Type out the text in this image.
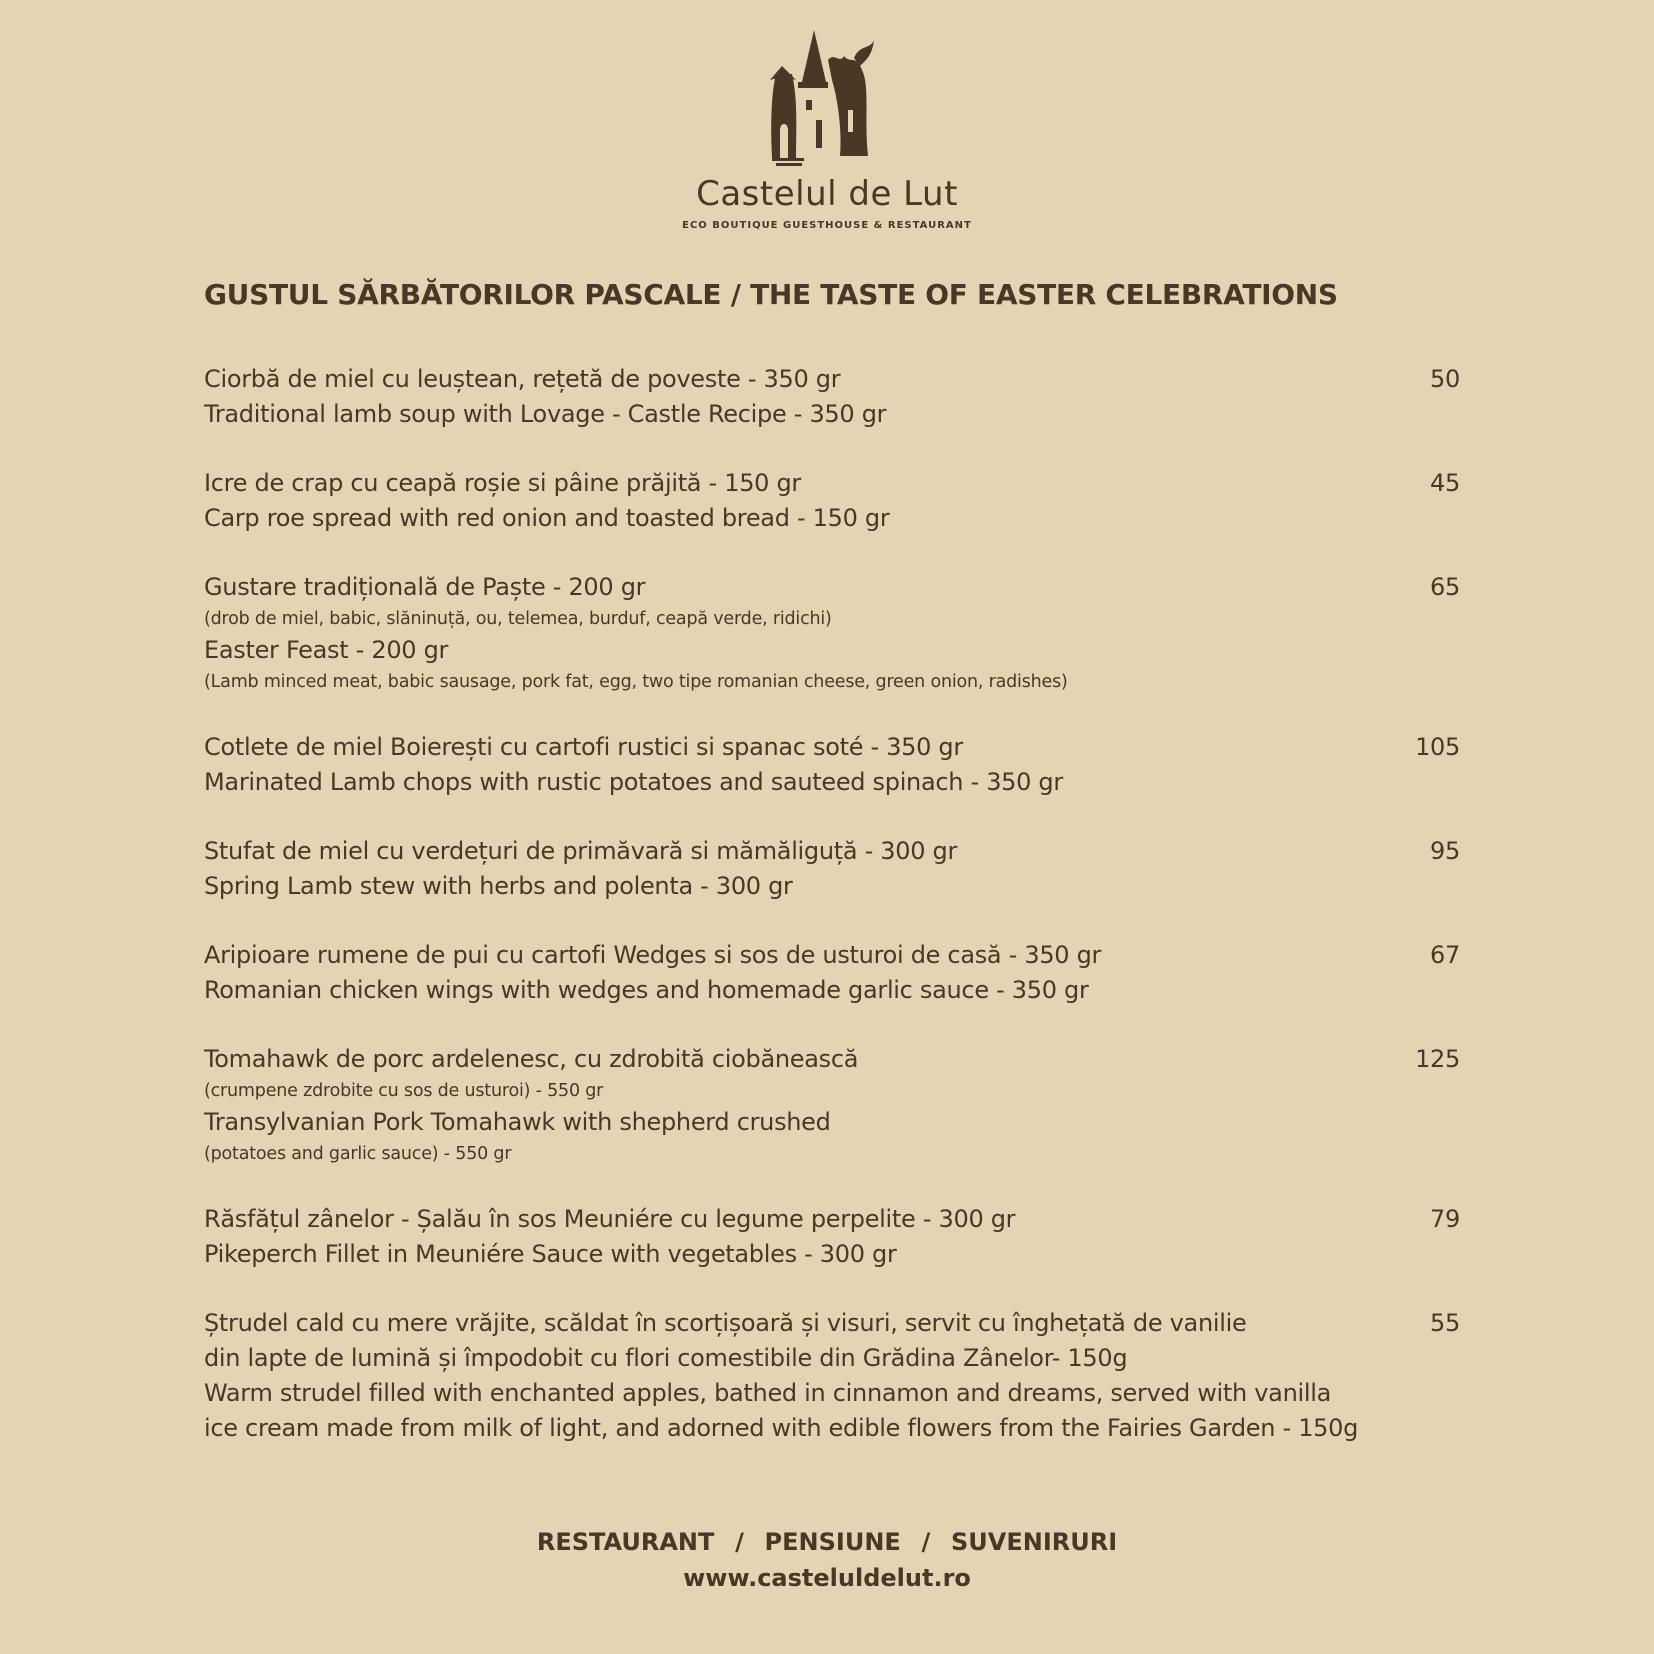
Castelul de Lut
ECO BOUTIQUE GUESTHOUSE & RESTAURANT
GUSTUL SĂRBĂTORILOR PASCALE / THE TASTE OF EASTER CELEBRATIONS
Ciorbă de miel cu leuștean, rețetă de poveste - 350 gr
Traditional lamb soup with Lovage - Castle Recipe - 350 gr
50
Icre de crap cu ceapă roșie si pâine prăjită - 150 gr
Carp roe spread with red onion and toasted bread - 150 gr
45
Gustare tradițională de Paște - 200 gr
(drob de miel, babic, slăninuță, ou, telemea, burduf, ceapă verde, ridichi)
Easter Feast - 200 gr
(Lamb minced meat, babic sausage, pork fat, egg, two tipe romanian cheese, green onion, radishes)
65
Cotlete de miel Boierești cu cartofi rustici si spanac soté - 350 gr
Marinated Lamb chops with rustic potatoes and sauteed spinach - 350 gr
105
Stufat de miel cu verdețuri de primăvară si mămăliguță - 300 gr
Spring Lamb stew with herbs and polenta - 300 gr
95
Aripioare rumene de pui cu cartofi Wedges si sos de usturoi de casă - 350 gr
Romanian chicken wings with wedges and homemade garlic sauce - 350 gr
67
Tomahawk de porc ardelenesc, cu zdrobită ciobănească
(crumpene zdrobite cu sos de usturoi) - 550 gr
Transylvanian Pork Tomahawk with shepherd crushed
(potatoes and garlic sauce) - 550 gr
125
Răsfățul zânelor - Șalău în sos Meuniére cu legume perpelite - 300 gr
Pikeperch Fillet in Meuniére Sauce with vegetables - 300 gr
79
Ștrudel cald cu mere vrăjite, scăldat în scorțișoară și visuri, servit cu înghețată de vanilie
din lapte de lumină și împodobit cu flori comestibile din Grădina Zânelor- 150g
Warm strudel filled with enchanted apples, bathed in cinnamon and dreams, served with vanilla
ice cream made from milk of light, and adorned with edible flowers from the Fairies Garden - 150g
55
RESTAURANT  /  PENSIUNE  /  SUVENIRURI
www.casteluldelut.ro
